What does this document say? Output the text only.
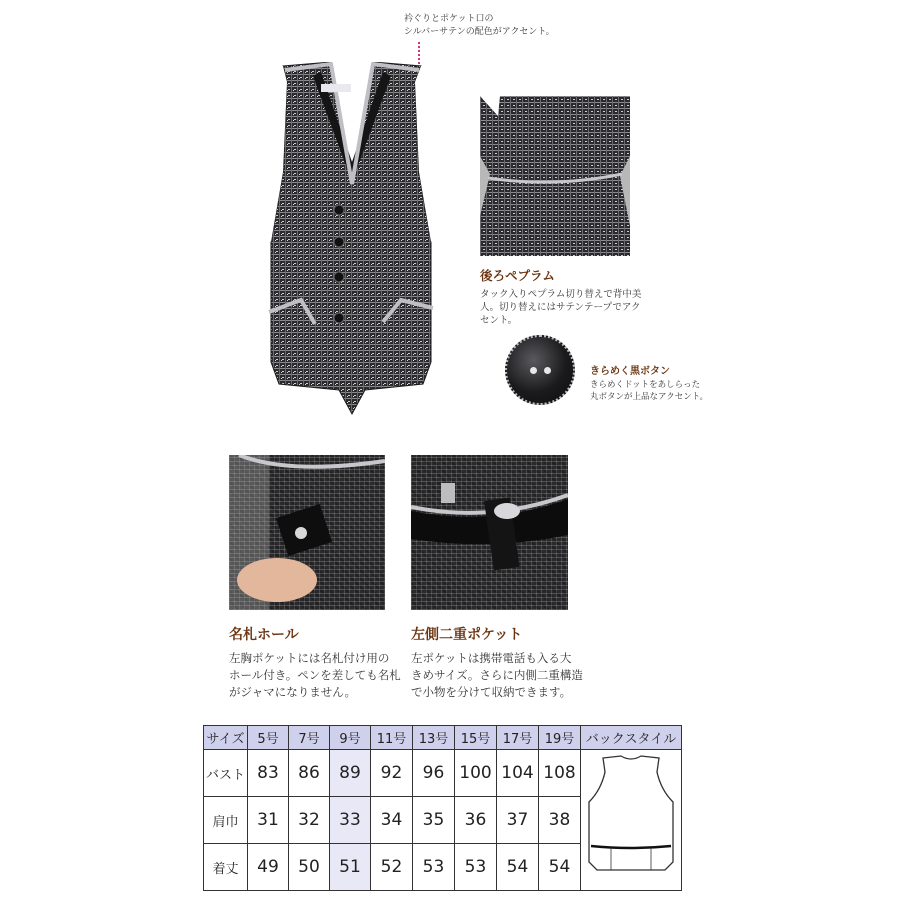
衿ぐりとポケット口の
シルバーサテンの配色がアクセント。
後ろペプラム
タック入りペプラム切り替えで背中美
人。切り替えにはサテンテープでアク
セント。
きらめく黒ボタン
きらめくドットをあしらった
丸ボタンが上品なアクセント。
名札ホール
左胸ポケットには名札付け用の
ホール付き。ペンを差しても名札
がジャマになりません。
左側二重ポケット
左ポケットは携帯電話も入る大
きめサイズ。さらに内側二重構造
で小物を分けて収納できます。
サイズ	5号	7号	9号	11号	13号	15号	17号	19号	バックスタイル
バスト	83	86	89	92	96	100	104	108	
肩巾	31	32	33	34	35	36	37	38	
着丈	49	50	51	52	53	53	54	54	
